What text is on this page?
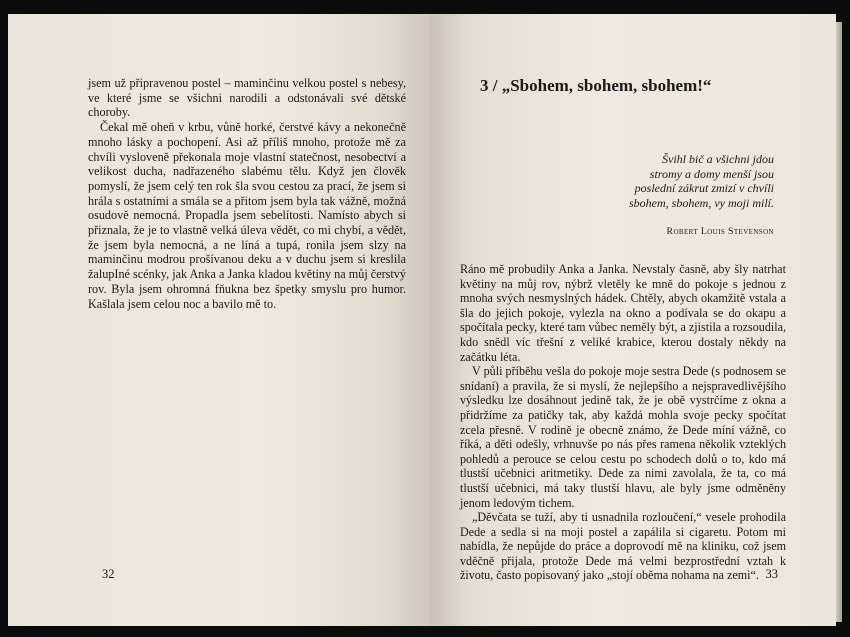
jsem už připravenou postel – maminčinu velkou postel s nebesy, ve které jsme se všichni narodili a odstonávali své dětské choroby.

Čekal mě oheň v krbu, vůně horké, čerstvé kávy a nekonečně mnoho lásky a pochopení. Asi až příliš mnoho, protože mě za chvíli vysloveně překonala moje vlastní statečnost, nesobectví a velikost ducha, nadřazeného slabému tělu. Když jen člověk pomyslí, že jsem celý ten rok šla svou cestou za prací, že jsem si hrála s ostatními a smála se a přitom jsem byla tak vážně, možná osudově nemocná. Propadla jsem sebelítosti. Namísto abych si přiznala, že je to vlastně velká úleva vědět, co mi chybí, a vědět, že jsem byla nemocná, a ne líná a tupá, ronila jsem slzy na maminčinu modrou prošívanou deku a v duchu jsem si kreslila žalupIné scénky, jak Anka a Janka kladou květiny na můj čerstvý rov. Byla jsem ohromná fňukna bez špetky smyslu pro humor. Kašlala jsem celou noc a bavilo mě to.

32
3 / „Sbohem, sbohem, sbohem!“
Švihl bič a všichni jdou
stromy a domy menší jsou
poslední zákrut zmizí v chvíli
sbohem, sbohem, vy moji milí.
Robert Louis Stevenson

Ráno mě probudily Anka a Janka. Nevstaly časně, aby šly natrhat květiny na můj rov, nýbrž vletěly ke mně do pokoje s jednou z mnoha svých nesmyslných hádek. Chtěly, abych okamžitě vstala a šla do jejich pokoje, vylezla na okno a podívala se do okapu a spočítala pecky, které tam vůbec neměly být, a zjistila a rozsoudila, kdo snědl víc třešní z veliké krabice, kterou dostaly někdy na začátku léta.

V půli příběhu vešla do pokoje moje sestra Dede (s podnosem se snídaní) a pravila, že si myslí, že nejlepšího a nejspravedlivějšího výsledku lze dosáhnout jedině tak, že je obě vystrčíme z okna a přidržíme za patičky tak, aby každá mohla svoje pecky spočítat zcela přesně. V rodině je obecně známo, že Dede míní vážně, co říká, a děti odešly, vrhnuvše po nás přes ramena několik vzteklých pohledů a perouce se celou cestu po schodech dolů o to, kdo má tlustší učebnici aritmetiky. Dede za nimi zavolala, že ta, co má tlustší učebnici, má taky tlustší hlavu, ale byly jsme odměněny jenom ledovým tichem.

„Děvčata se tuží, aby ti usnadnila rozloučení,“ vesele prohodila Dede a sedla si na moji postel a zapálila si cigaretu. Potom mi nabídla, že nepůjde do práce a doprovodí mě na kliniku, což jsem vděčně přijala, protože Dede má velmi bezprostřední vztah k životu, často popisovaný jako „stojí oběma nohama na zemi“. 33
